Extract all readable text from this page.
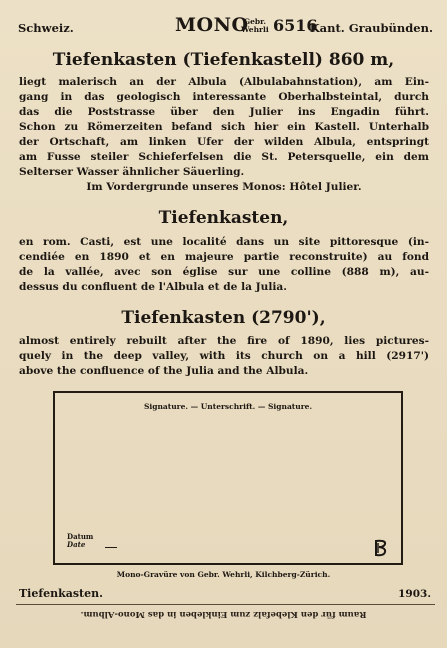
Schweiz.	MONO
Gebr.
Wehrli 6516
Kant. Graubünden.
Tiefenkasten (Tiefenkastell) 860 m,
liegt malerisch an der Albula (Albulabahnstation), am Ein-
gang in das geologisch interessante Oberhalbsteintal, durch
das die Poststrasse über den Julier ins Engadin führt.
Schon zu Römerzeiten befand sich hier ein Kastell. Unterhalb
der Ortschaft, am linken Ufer der wilden Albula, entspringt
am Fusse steiler Schieferfelsen die St. Petersquelle, ein dem
Selterser Wasser ähnlicher Säuerling.
Im Vordergrunde unseres Monos: Hôtel Julier.
Tiefenkasten,
en rom. Casti, est une localité dans un site pittoresque (in-
cendiée en 1890 et en majeure partie reconstruite) au fond
de la vallée, avec son église sur une colline (888 m), au-
dessus du confluent de l'Albula et de la Julia.
Tiefenkasten (2790'),
almost entirely rebuilt after the fire of 1890, lies pictures-
quely in the deep valley, with its church on a hill (2917')
above the confluence of the Julia and the Albula.
Signature. — Unterschrift. — Signature.
Datum
Date
Mono-Gravüre von Gebr. Wehrli, Kilchberg-Zürich.
Tiefenkasten.	1903.
Raum für den Klebefalz zum Einkleben in das Mono-Album.
